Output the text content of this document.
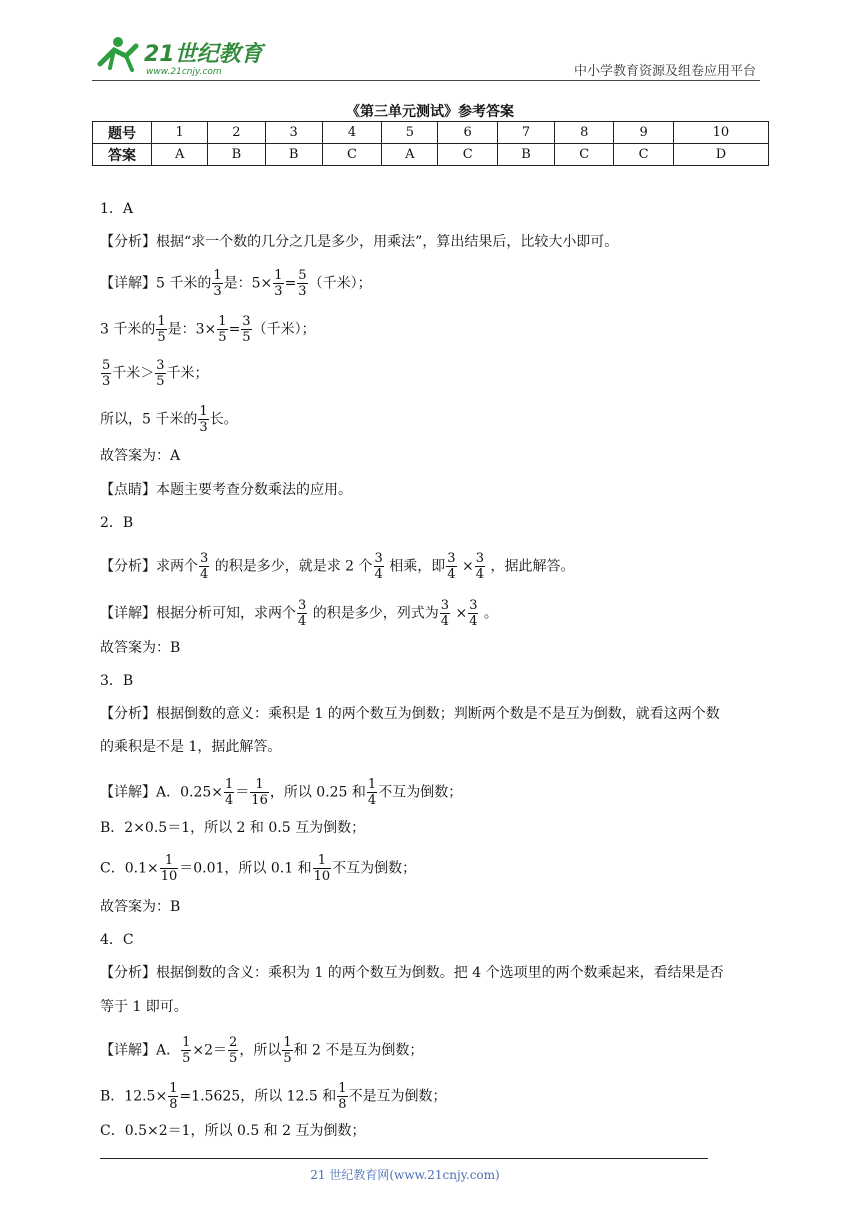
21世纪教育
www.21cnjy.com	中小学教育资源及组卷应用平台
《第三单元测试》参考答案
题号	1	2	3	4	5	6	7	8	9	10
答案	A	B	B	C	A	C	B	C	C	D
1．A
【分析】根据“求一个数的几分之几是多少，用乘法”，算出结果后，比较大小即可。
【详解】5 千米的 $\frac{1}{3}$ 是：$5\times \frac{1}{3} = \frac{5}{3}$ （千米）；
3 千米的 $\frac{1}{5}$ 是：$3\times \frac{1}{5} = \frac{3}{5}$ （千米）；
$\frac{5}{3}$ 千米＞ $\frac{3}{5}$ 千米；
所以，5 千米的 $\frac{1}{3}$ 长。
故答案为：A
【点睛】本题主要考查分数乘法的应用。
2．B
【分析】求两个 $\frac{3}{4}$ 的积是多少，就是求 2 个 $\frac{3}{4}$ 相乘，即 $\frac{3}{4} \times \frac{3}{4}$ ，据此解答。
【详解】根据分析可知，求两个 $\frac{3}{4}$ 的积是多少，列式为 $\frac{3}{4} \times \frac{3}{4}$ 。
故答案为：B
3．B
【分析】根据倒数的意义：乘积是 1 的两个数互为倒数；判断两个数是不是互为倒数，就看这两个数
的乘积是不是 1，据此解答。
【详解】A．$0.25\times \frac{1}{4} = \frac{1}{16}$ ，所以 0.25 和 $\frac{1}{4}$ 不互为倒数；
B．2×0.5＝1，所以 2 和 0.5 互为倒数；
C．$0.1\times \frac{1}{10} =0.01$，所以 0.1 和 $\frac{1}{10}$ 不互为倒数；
故答案为：B
4．C
【分析】根据倒数的含义：乘积为 1 的两个数互为倒数。把 4 个选项里的两个数乘起来，看结果是否
等于 1 即可。
【详解】A． $\frac{1}{5} \times 2= \frac{2}{5}$ ，所以 $\frac{1}{5}$ 和 2 不是互为倒数；
B．$12.5\times \frac{1}{8} =1.5625$，所以 12.5 和 $\frac{1}{8}$ 不是互为倒数；
C．0.5×2＝1，所以 0.5 和 2 互为倒数；
21 世纪教育网(www.21cnjy.com)
